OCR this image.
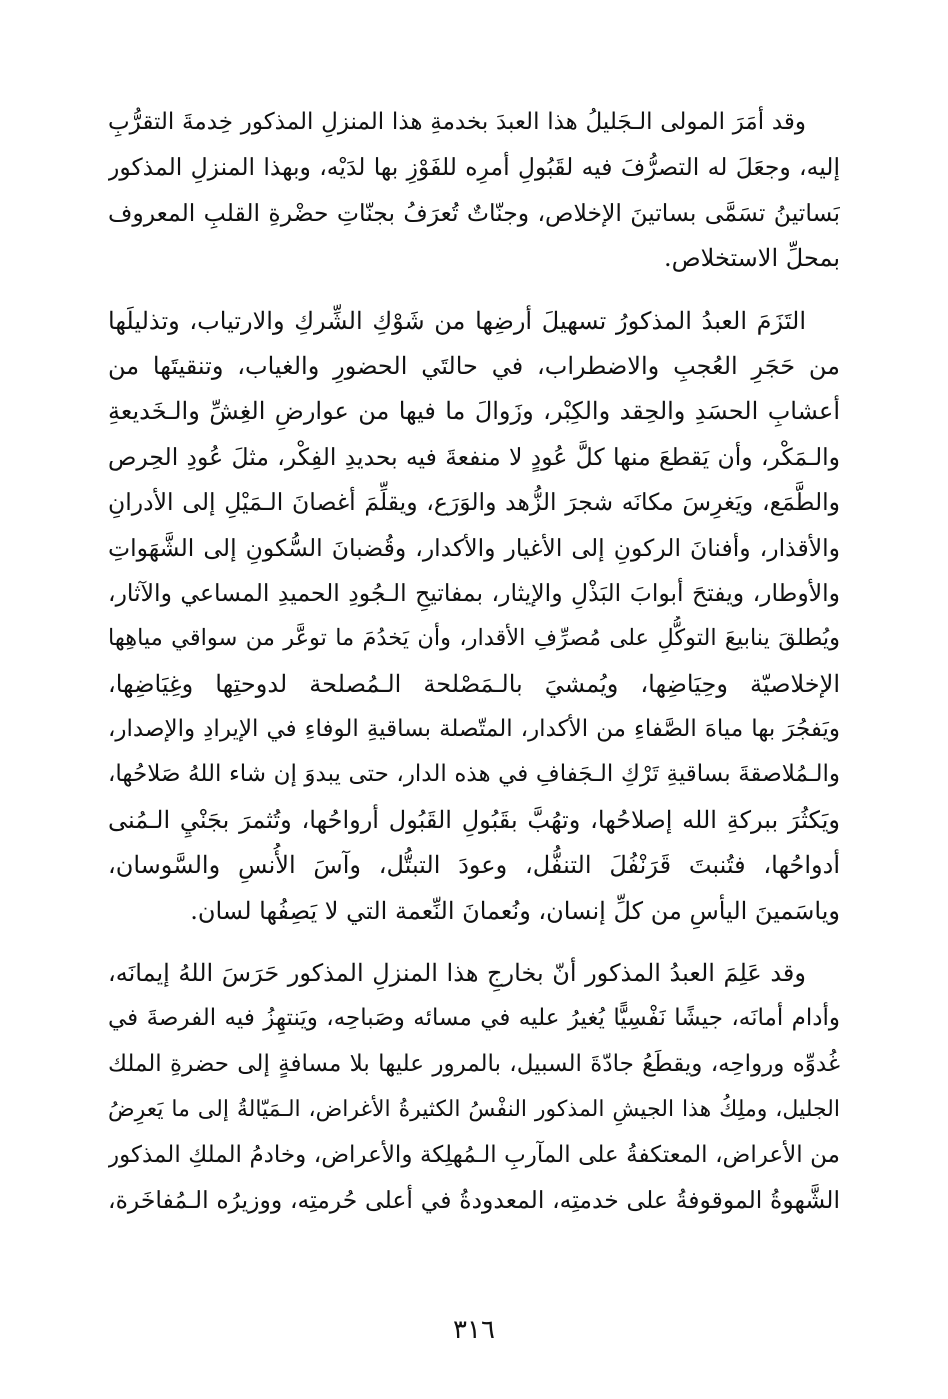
وقد أمَرَ المولى الـجَليلُ هذا العبدَ بخدمةِ هذا المنزلِ المذكور خِدمةَ التقرُّبِ
إليه، وجعَلَ له التصرُّفَ فيه لقَبُولِ أمرِه للفَوْزِ بها لدَيْه، وبهذا المنزلِ المذكور
بَساتينُ تسَمَّى بساتينَ الإخلاص، وجنّاتٌ تُعرَفُ بجنّاتِ حضْرةِ القلبِ المعروف
بمحلِّ الاستخلاص.
التَزَمَ العبدُ المذكورُ تسهيلَ أرضِها من شَوْكِ الشِّركِ والارتياب، وتذليلَها
من حَجَرِ العُجبِ والاضطراب، في حالتَي الحضورِ والغياب، وتنقيتَها من
أعشابِ الحسَدِ والحِقد والكِبْر، وزَوالَ ما فيها من عوارضِ الغِشِّ والـخَديعةِ
والـمَكْر، وأن يَقطعَ منها كلَّ عُودٍ لا منفعةَ فيه بحديدِ الفِكْر، مثلَ عُودِ الحِرص
والطَّمَع، ويَغرِسَ مكانَه شجرَ الزُّهد والوَرَع، ويقلِّمَ أغصانَ الـمَيْلِ إلى الأدرانِ
والأقذار، وأفنانَ الركونِ إلى الأغيار والأكدار، وقُضبانَ السُّكونِ إلى الشَّهَواتِ
والأوطار، ويفتحَ أبوابَ البَذْلِ والإيثار، بمفاتيحِ الـجُودِ الحميدِ المساعي والآثار،
ويُطلقَ ينابيعَ التوكُّلِ على مُصرِّفِ الأقدار، وأن يَخدُمَ ما توعَّر من سواقي مياهِها
الإخلاصيّة وحِيَاضِها، ويُمشيَ بالـمَصْلحة الـمُصلحة لدوحتِها وغِيَاضِها،
ويَفجُرَ بها مياهَ الصَّفاءِ من الأكدار، المتّصلة بساقيةِ الوفاءِ في الإيرادِ والإصدار،
والـمُلاصقةَ بساقيةِ تَرْكِ الـجَفافِ في هذه الدار، حتى يبدوَ إن شاء اللهُ صَلاحُها،
ويَكثُرَ ببركةِ الله إصلاحُها، وتهُبَّ بقَبُولِ القَبُول أرواحُها، وتُثمرَ بجَنْيِ الـمُنى
أدواحُها، فتُنبتَ قَرَنْفُلَ التنفُّل، وعودَ التبتُّل، وآسَ الأُنسِ والسَّوسان،
وياسَمينَ اليأسِ من كلِّ إنسان، ونُعمانَ النِّعمة التي لا يَصِفُها لسان.
وقد عَلِمَ العبدُ المذكور أنّ بخارجِ هذا المنزلِ المذكور حَرَسَ اللهُ إيمانَه،
وأدام أمانَه، جيشًا نَفْسِيًّا يُغيرُ عليه في مسائه وصَباحِه، ويَنتهِزُ فيه الفرصةَ في
غُدوِّه ورواحِه، ويقطَعُ جادّةَ السبيل، بالمرور عليها بلا مسافةٍ إلى حضرةِ الملك
الجليل، وملِكُ هذا الجيشِ المذكور النفْسُ الكثيرةُ الأغراض، الـمَيّالةُ إلى ما يَعرِضُ
من الأعراض، المعتكفةُ على المآربِ الـمُهلِكة والأعراض، وخادمُ الملكِ المذكور
الشَّهوةُ الموقوفةُ على خدمتِه، المعدودةُ في أعلى حُرمتِه، ووزيرُه الـمُفاخَرة،
٣١٦
